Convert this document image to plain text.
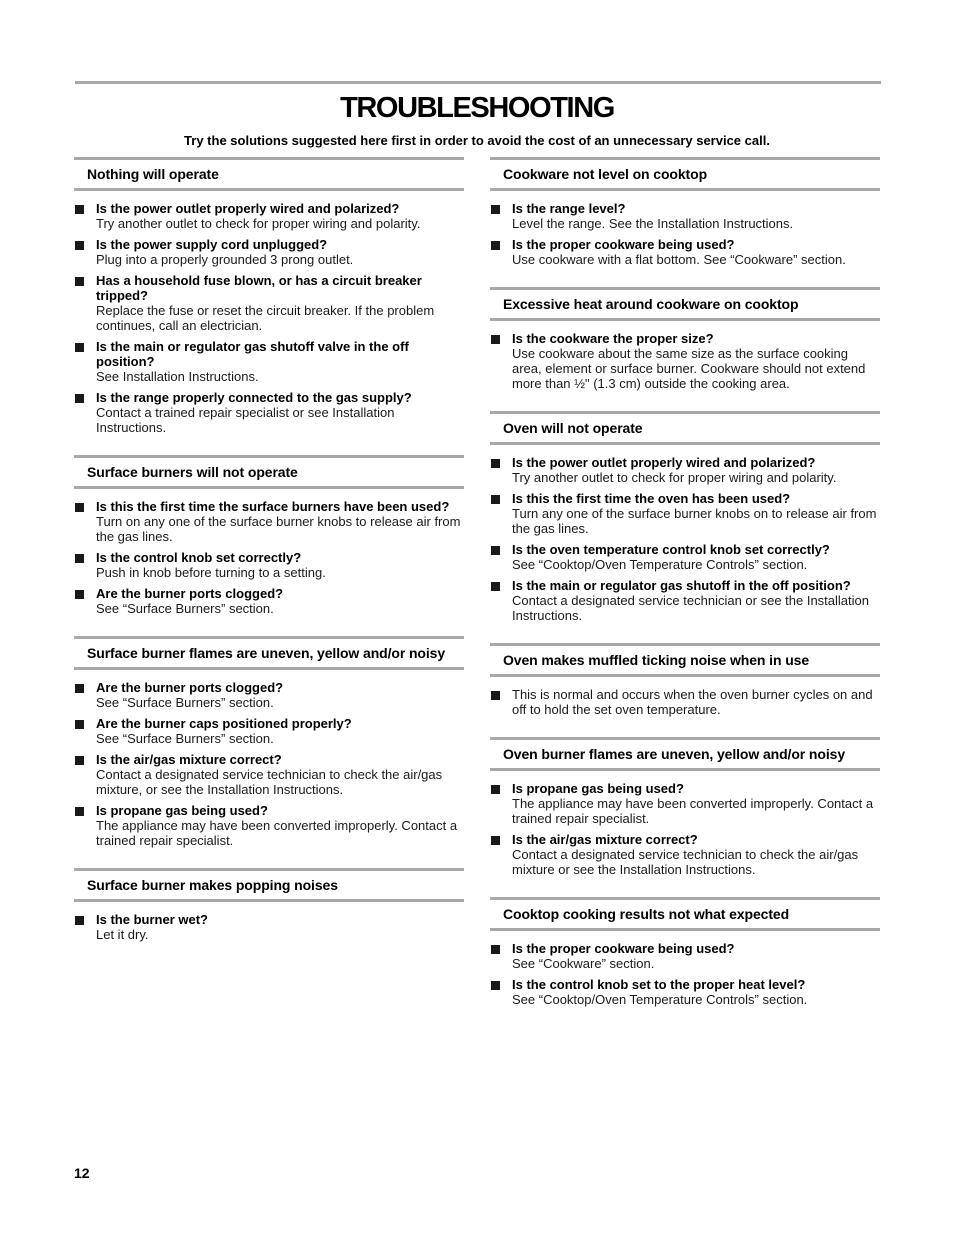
TROUBLESHOOTING
Try the solutions suggested here first in order to avoid the cost of an unnecessary service call.
Nothing will operate
Is the power outlet properly wired and polarized?
Try another outlet to check for proper wiring and polarity.
Is the power supply cord unplugged?
Plug into a properly grounded 3 prong outlet.
Has a household fuse blown, or has a circuit breaker tripped?
Replace the fuse or reset the circuit breaker. If the problem continues, call an electrician.
Is the main or regulator gas shutoff valve in the off position?
See Installation Instructions.
Is the range properly connected to the gas supply?
Contact a trained repair specialist or see Installation Instructions.
Surface burners will not operate
Is this the first time the surface burners have been used?
Turn on any one of the surface burner knobs to release air from the gas lines.
Is the control knob set correctly?
Push in knob before turning to a setting.
Are the burner ports clogged?
See “Surface Burners” section.
Surface burner flames are uneven, yellow and/or noisy
Are the burner ports clogged?
See “Surface Burners” section.
Are the burner caps positioned properly?
See “Surface Burners” section.
Is the air/gas mixture correct?
Contact a designated service technician to check the air/gas mixture, or see the Installation Instructions.
Is propane gas being used?
The appliance may have been converted improperly. Contact a trained repair specialist.
Surface burner makes popping noises
Is the burner wet?
Let it dry.
Cookware not level on cooktop
Is the range level?
Level the range. See the Installation Instructions.
Is the proper cookware being used?
Use cookware with a flat bottom. See “Cookware” section.
Excessive heat around cookware on cooktop
Is the cookware the proper size?
Use cookware about the same size as the surface cooking area, element or surface burner. Cookware should not extend more than ½" (1.3 cm) outside the cooking area.
Oven will not operate
Is the power outlet properly wired and polarized?
Try another outlet to check for proper wiring and polarity.
Is this the first time the oven has been used?
Turn any one of the surface burner knobs on to release air from the gas lines.
Is the oven temperature control knob set correctly?
See “Cooktop/Oven Temperature Controls” section.
Is the main or regulator gas shutoff in the off position?
Contact a designated service technician or see the Installation Instructions.
Oven makes muffled ticking noise when in use
This is normal and occurs when the oven burner cycles on and off to hold the set oven temperature.
Oven burner flames are uneven, yellow and/or noisy
Is propane gas being used?
The appliance may have been converted improperly. Contact a trained repair specialist.
Is the air/gas mixture correct?
Contact a designated service technician to check the air/gas mixture or see the Installation Instructions.
Cooktop cooking results not what expected
Is the proper cookware being used?
See “Cookware” section.
Is the control knob set to the proper heat level?
See “Cooktop/Oven Temperature Controls” section.
12
